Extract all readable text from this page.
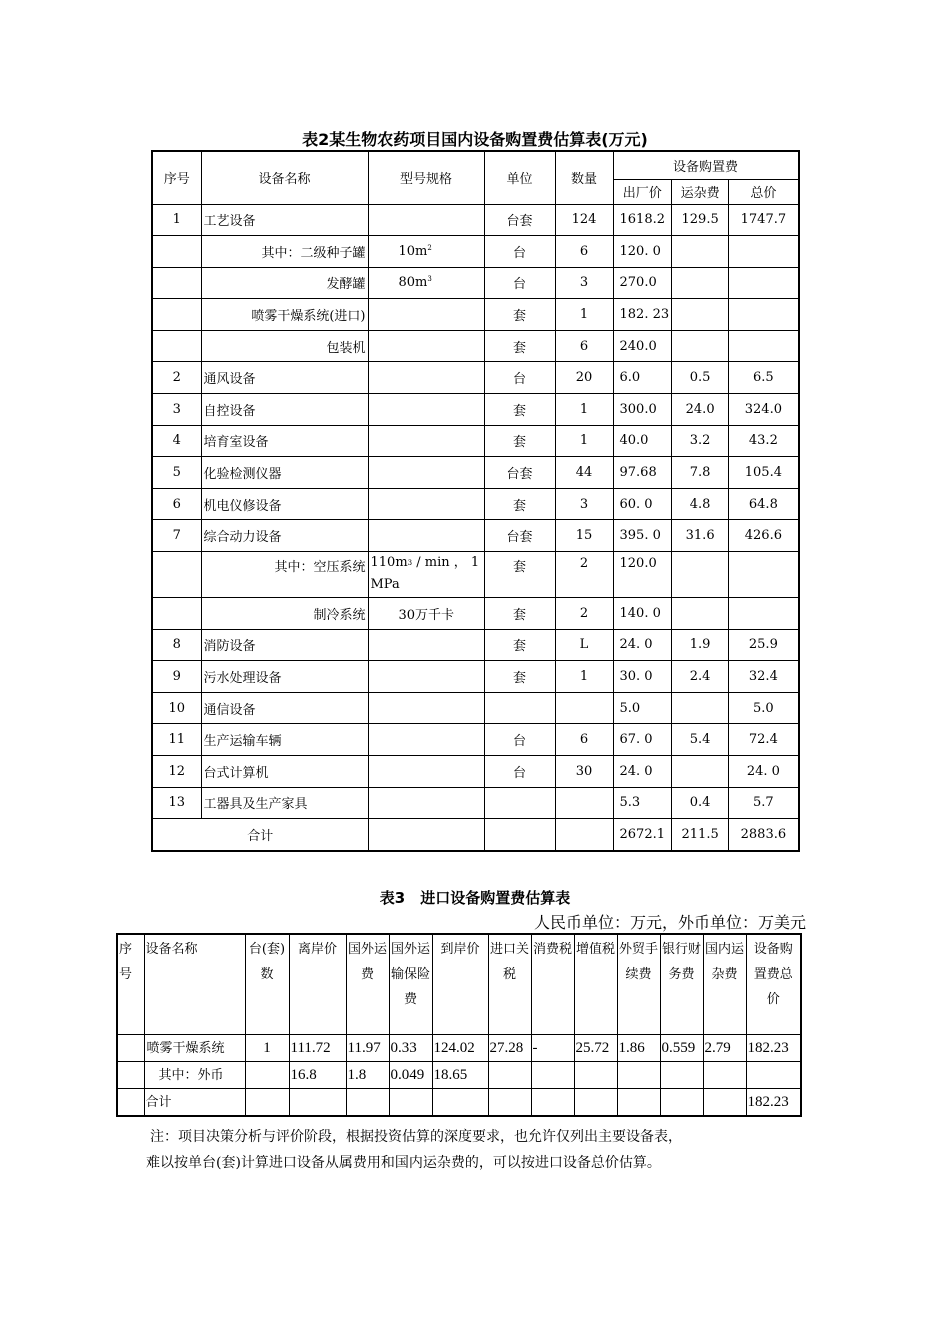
表2某生物农药项目国内设备购置费估算表(万元)
序号	设备名称	型号规格	单位	数量	设备购置费		
					出厂价	运杂费	总价
1	工艺设备		台套	124	1618.2	129.5	1747.7
	其中：二级种子罐	$10m^2$	台	6	120. 0		
	发酵罐	$80m^3$	台	3	270.0		
	喷雾干燥系统(进口)		套	1	182. 23		
	包装机		套	6	240.0		
2	通风设备		台	20	6.0	0.5	6.5
3	自控设备		套	1	300.0	24.0	324.0
4	培育室设备		套	1	40.0	3.2	43.2
5	化验检测仪器		台套	44	97.68	7.8	105.4
6	机电仪修设备		套	3	60. 0	4.8	64.8
7	综合动力设备		台套	15	395. 0	31.6	426.6
	其中：空压系统	$110m^3$ / min ， 1 MPa	套	2	120.0		
	制冷系统	30万千卡	套	2	140. 0		
8	消防设备		套	L	24. 0	1.9	25.9
9	污水处理设备		套	1	30. 0	2.4	32.4
10	通信设备				5.0		5.0
11	生产运输车辆		台	6	67. 0	5.4	72.4
12	台式计算机		台	30	24. 0		24. 0
13	工器具及生产家具				5.3	0.4	5.7
合计					2672.1	211.5	2883.6
表3　进口设备购置费估算表
人民币单位：万元，外币单位：万美元
序号	设备名称	台(套)数	离岸价	国外运费	国外运输保险费	到岸价	进口关税	消费税	增值税	外贸手续费	银行财务费	国内运杂费	设备购置费总价
	喷雾干燥系统	1	111.72	11.97	0.33	124.02	27.28	-	25.72	1.86	0.559	2.79	182.23
	其中：外币		16.8	1.8	0.049	18.65							
	合计												182.23
注：项目决策分析与评价阶段，根据投资估算的深度要求，也允许仅列出主要设备表，
难以按单台(套)计算进口设备从属费用和国内运杂费的，可以按进口设备总价估算。
